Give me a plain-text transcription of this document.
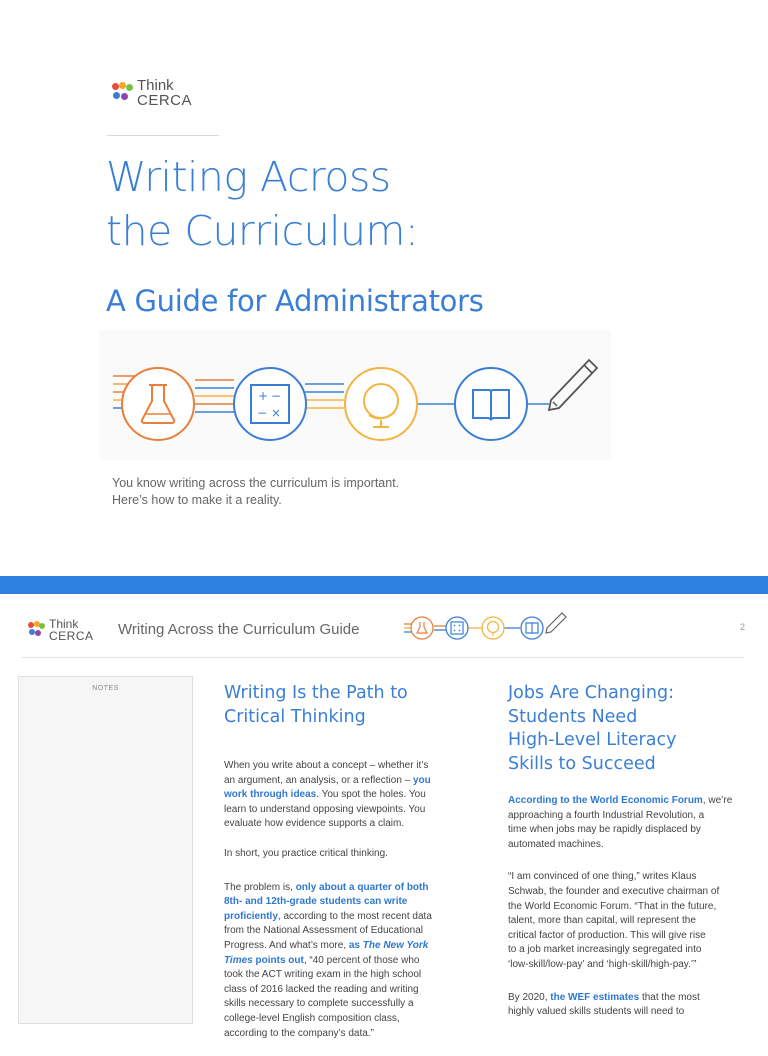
Think
CERCA
Writing Across
the Curriculum:
A Guide for Administrators
+ −
− ×
You know writing across the curriculum is important.
Here’s how to make it a reality.
Think
CERCA Writing Across the Curriculum Guide	2
NOTES	Writing Is the Path to
Critical Thinking

When you write about a concept – whether it’s
an argument, an analysis, or a reflection – you
work through ideas. You spot the holes. You
learn to understand opposing viewpoints. You
evaluate how evidence supports a claim.

In short, you practice critical thinking.

The problem is, only about a quarter of both
8th- and 12th-grade students can write
proficiently, according to the most recent data
from the National Assessment of Educational
Progress. And what’s more, as The New York
Times points out, “40 percent of those who
took the ACT writing exam in the high school
class of 2016 lacked the reading and writing
skills necessary to complete successfully a
college-level English composition class,
according to the company’s data.”

Jobs Are Changing:
Students Need
High-Level Literacy
Skills to Succeed

According to the World Economic Forum, we’re
approaching a fourth Industrial Revolution, a
time when jobs may be rapidly displaced by
automated machines.

“I am convinced of one thing,” writes Klaus
Schwab, the founder and executive chairman of
the World Economic Forum. “That in the future,
talent, more than capital, will represent the
critical factor of production. This will give rise
to a job market increasingly segregated into
‘low-skill/low-pay’ and ‘high-skill/high-pay.’”

By 2020, the WEF estimates that the most
highly valued skills students will need to
